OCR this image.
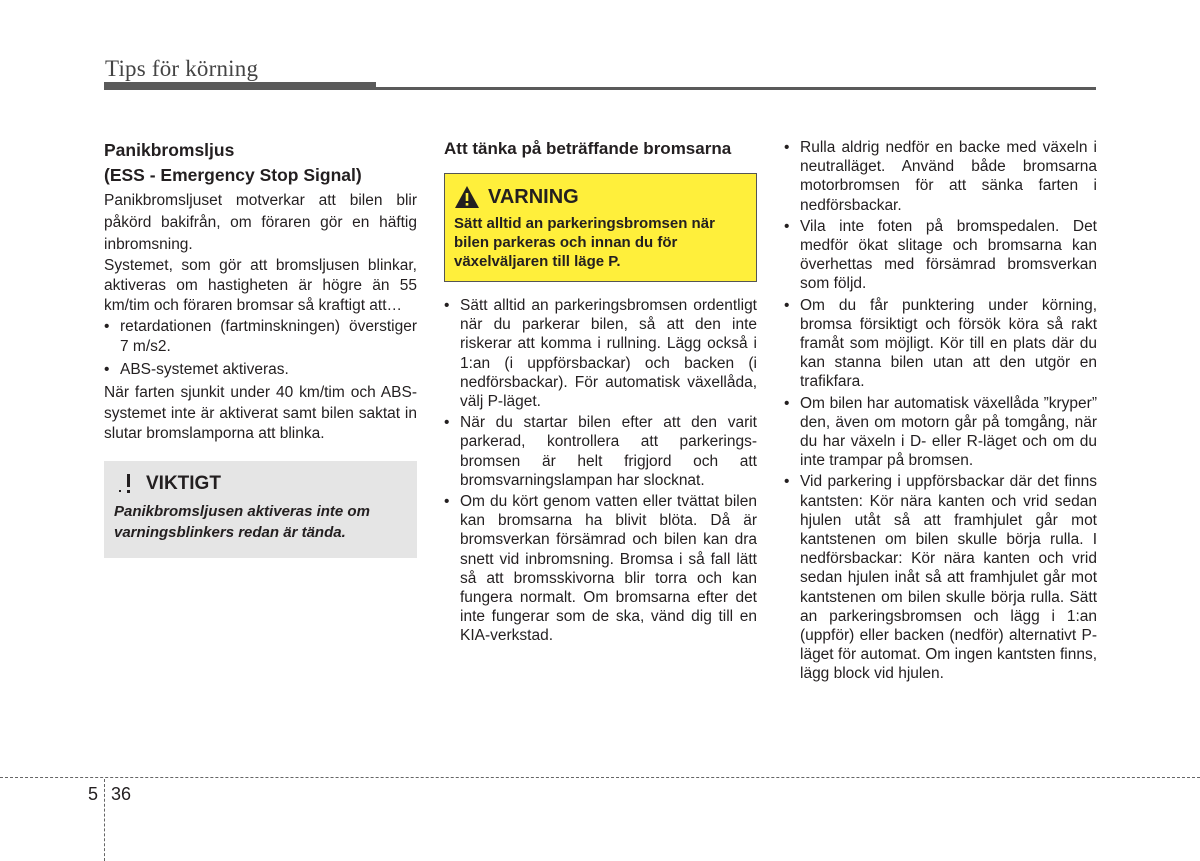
Tips för körning

Panikbromsljus

(ESS - Emergency Stop Signal)

Panikbromsljuset motverkar att bilen blir påkörd bakifrån, om föraren gör en häftig inbromsning.

Systemet, som gör att bromsljusen blinkar, aktiveras om hastigheten är högre än 55 km/tim och föraren bromsar så kraftigt att…

• retardationen (fartminskningen) överstiger 7 m/s2.
• ABS-systemet aktiveras.

När farten sjunkit under 40 km/tim och ABS-systemet inte är aktiverat samt bilen saktat in slutar bromslamporna att blinka.

VIKTIGT
Panikbromsljusen aktiveras inte om varningsblinkers redan är tända.

Att tänka på beträffande bromsarna

VARNING
Sätt alltid an parkeringsbromsen när bilen parkeras och innan du för växelväljaren till läge P.
• Sätt alltid an parkeringsbromsen ordentligt när du parkerar bilen, så att den inte riskerar att komma i rullning. Lägg också i 1:an (i uppförsbackar) och backen (i nedförsbackar). För automatisk växellåda, välj P-läget.
• När du startar bilen efter att den varit parkerad, kontrollera att parkerings-bromsen är helt frigjord och att bromsvarningslampan har slocknat.
• Om du kört genom vatten eller tvättat bilen kan bromsarna ha blivit blöta. Då är bromsverkan försämrad och bilen kan dra snett vid inbromsning. Bromsa i så fall lätt så att bromsskivorna blir torra och kan fungera normalt. Om bromsarna efter det inte fungerar som de ska, vänd dig till en KIA-verkstad.
• Rulla aldrig nedför en backe med växeln i neutralläget. Använd både bromsarna motorbromsen för att sänka farten i nedförsbackar.
• Vila inte foten på bromspedalen. Det medför ökat slitage och bromsarna kan överhettas med försämrad bromsverkan som följd.
• Om du får punktering under körning, bromsa försiktigt och försök köra så rakt framåt som möjligt. Kör till en plats där du kan stanna bilen utan att den utgör en trafikfara.
• Om bilen har automatisk växellåda ”kryper” den, även om motorn går på tomgång, när du har växeln i D- eller R-läget och om du inte trampar på bromsen.
• Vid parkering i uppförsbackar där det finns kantsten: Kör nära kanten och vrid sedan hjulen utåt så att framhjulet går mot kantstenen om bilen skulle börja rulla. I nedförsbackar: Kör nära kanten och vrid sedan hjulen inåt så att framhjulet går mot kantstenen om bilen skulle börja rulla. Sätt an parkeringsbromsen och lägg i 1:an (uppför) eller backen (nedför) alternativt P-läget för automat. Om ingen kantsten finns, lägg block vid hjulen.
5 36
